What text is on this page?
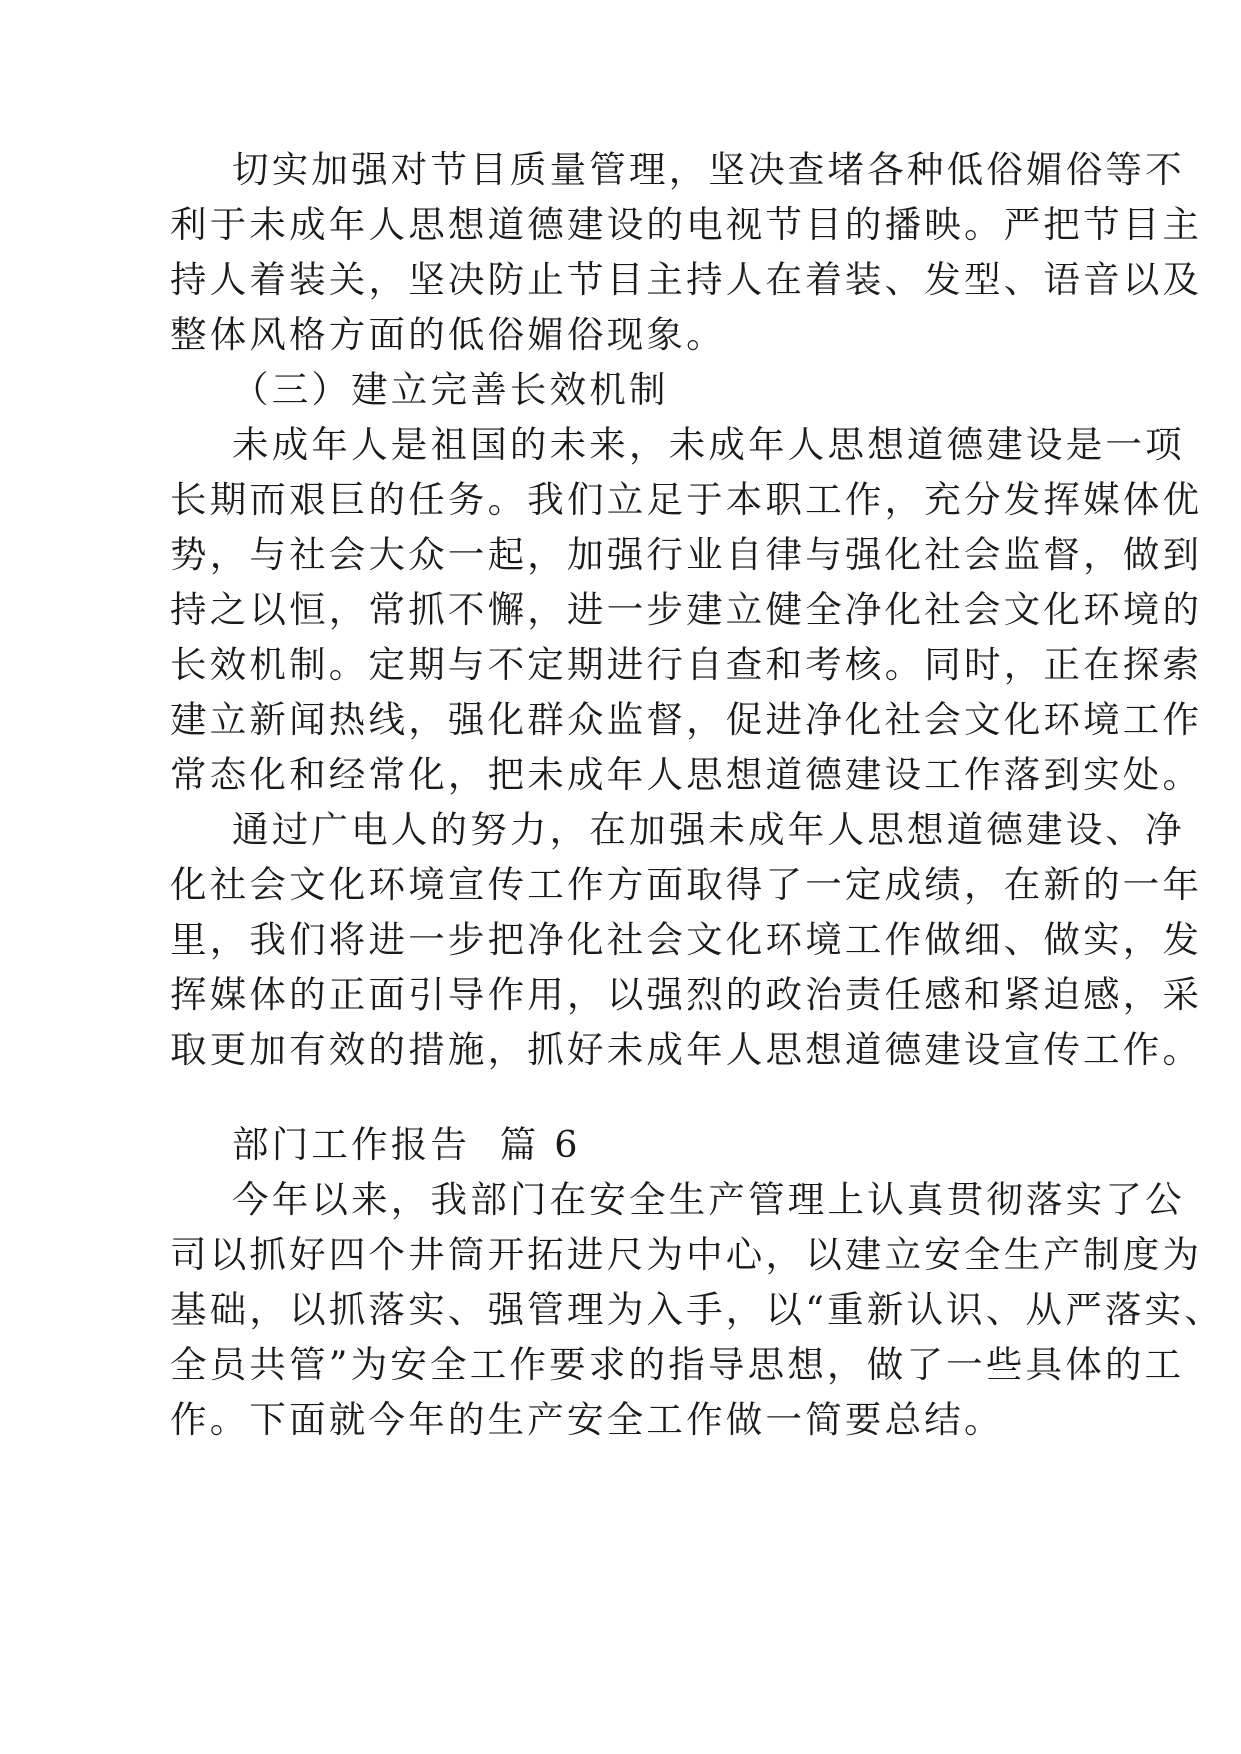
切实加强对节目质量管理，坚决查堵各种低俗媚俗等不
利于未成年人思想道德建设的电视节目的播映。严把节目主
持人着装关，坚决防止节目主持人在着装、发型、语音以及
整体风格方面的低俗媚俗现象。
（三）建立完善长效机制
未成年人是祖国的未来，未成年人思想道德建设是一项
长期而艰巨的任务。我们立足于本职工作，充分发挥媒体优
势，与社会大众一起，加强行业自律与强化社会监督，做到
持之以恒，常抓不懈，进一步建立健全净化社会文化环境的
长效机制。定期与不定期进行自查和考核。同时，正在探索
建立新闻热线，强化群众监督，促进净化社会文化环境工作
常态化和经常化，把未成年人思想道德建设工作落到实处。
通过广电人的努力，在加强未成年人思想道德建设、净
化社会文化环境宣传工作方面取得了一定成绩，在新的一年
里，我们将进一步把净化社会文化环境工作做细、做实，发
挥媒体的正面引导作用，以强烈的政治责任感和紧迫感，采
取更加有效的措施，抓好未成年人思想道德建设宣传工作。
部门工作报告  篇 6
今年以来，我部门在安全生产管理上认真贯彻落实了公
司以抓好四个井筒开拓进尺为中心，以建立安全生产制度为
基础，以抓落实、强管理为入手，以“重新认识、从严落实、
全员共管”为安全工作要求的指导思想，做了一些具体的工
作。下面就今年的生产安全工作做一简要总结。
